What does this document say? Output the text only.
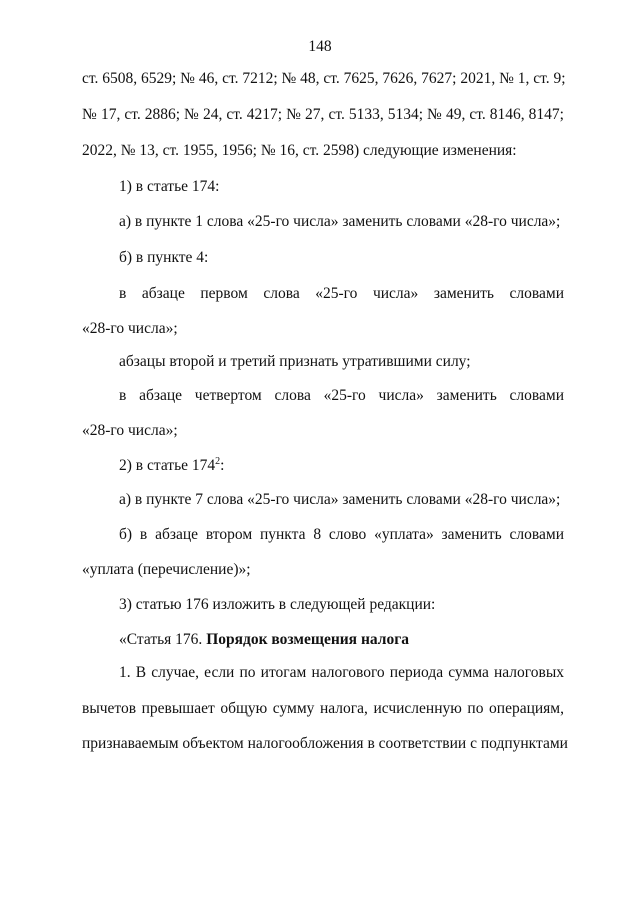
148
ст. 6508, 6529; № 46, ст. 7212; № 48, ст. 7625, 7626, 7627; 2021, № 1, ст. 9;
№ 17, ст. 2886; № 24, ст. 4217; № 27, ст. 5133, 5134; № 49, ст. 8146, 8147;
2022, № 13, ст. 1955, 1956; № 16, ст. 2598) следующие изменения:
1) в статье 174:
а) в пункте 1 слова «25-го числа» заменить словами «28-го числа»;
б) в пункте 4:
в абзаце первом слова «25-го числа» заменить словами
«28-го числа»;
абзацы второй и третий признать утратившими силу;
в абзаце четвертом слова «25-го числа» заменить словами
«28-го числа»;
2) в статье $174^2$:
а) в пункте 7 слова «25-го числа» заменить словами «28-го числа»;
б) в абзаце втором пункта 8 слово «уплата» заменить словами
«уплата (перечисление)»;
3) статью 176 изложить в следующей редакции:
«Статья 176. Порядок возмещения налога
1. В случае, если по итогам налогового периода сумма налоговых
вычетов превышает общую сумму налога, исчисленную по операциям,
признаваемым объектом налогообложения в соответствии с подпунктами
